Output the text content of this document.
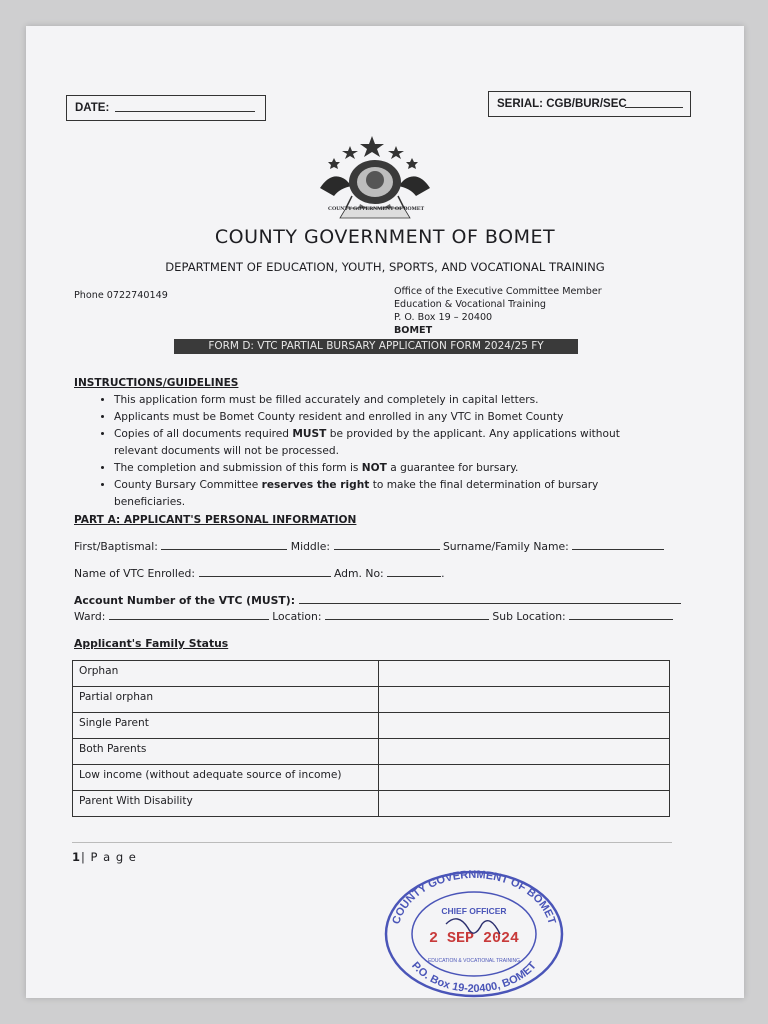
DATE:	SERIAL: CGB/BUR/SEC
COUNTY GOVERNMENT OF BOMET
COUNTY GOVERNMENT OF BOMET
DEPARTMENT OF EDUCATION, YOUTH, SPORTS, AND VOCATIONAL TRAINING
Phone 0722740149	Office of the Executive Committee Member
Education & Vocational Training
P. O. Box 19 – 20400
BOMET
FORM D: VTC PARTIAL BURSARY APPLICATION FORM 2024/25 FY
INSTRUCTIONS/GUIDELINES
• This application form must be filled accurately and completely in capital letters.
• Applicants must be Bomet County resident and enrolled in any VTC in Bomet County
• Copies of all documents required MUST be provided by the applicant. Any applications without relevant documents will not be processed.
• The completion and submission of this form is NOT a guarantee for bursary.
• County Bursary Committee reserves the right to make the final determination of bursary beneficiaries.
PART A: APPLICANT'S PERSONAL INFORMATION
First/Baptismal:	Middle:	Surname/Family Name:
Name of VTC Enrolled:	Adm. No:	.
Account Number of the VTC (MUST):
Ward:	Location:	Sub Location:
Applicant's Family Status
Orphan	
Partial orphan	
Single Parent	
Both Parents	
Low income (without adequate source of income)	
Parent With Disability	
1| P a g e
COUNTY GOVERNMENT OF BOMET
P.O. Box 19-20400, BOMET
CHIEF OFFICER
2 SEP 2024
EDUCATION & VOCATIONAL TRAINING
